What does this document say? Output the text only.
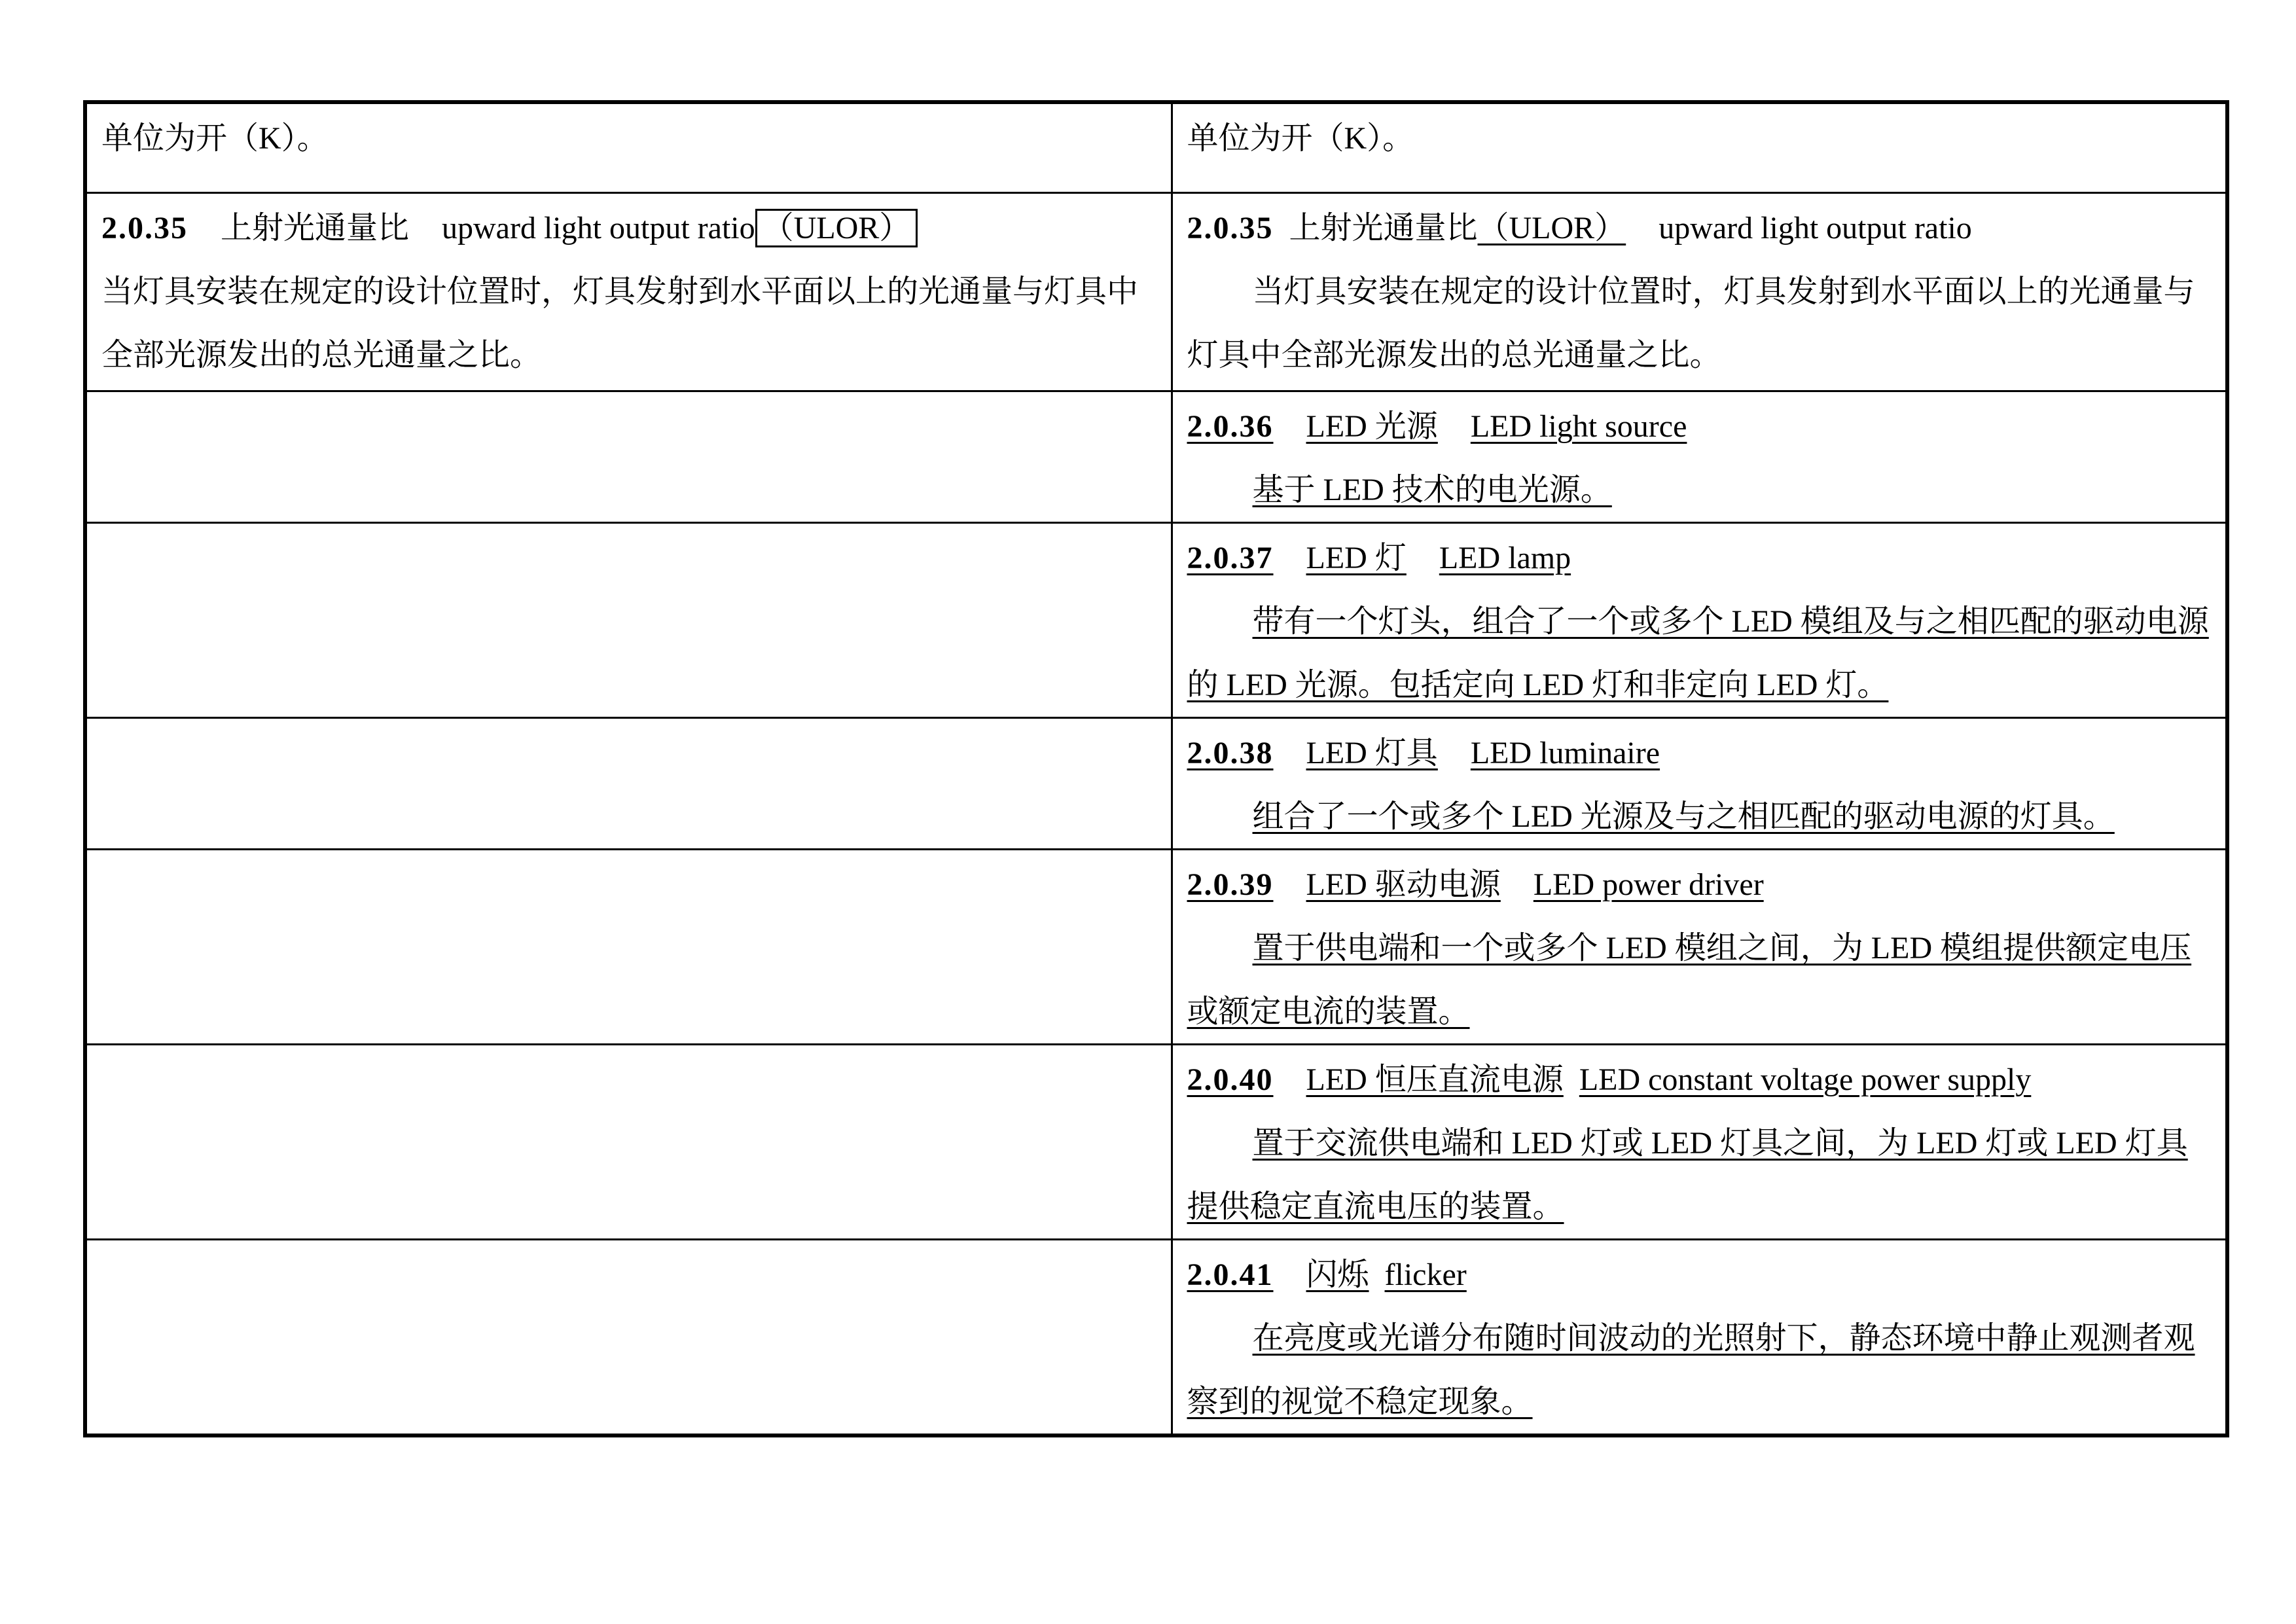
单位为开（K）。	单位为开（K）。

2.0.35 上射光通量比 upward light output ratio （ULOR）
当灯具安装在规定的设计位置时，灯具发射到水平面以上的光通量与灯具中全部光源发出的总光通量之比。	2.0.35 上射光通量比（ULOR） upward light output ratio
当灯具安装在规定的设计位置时，灯具发射到水平面以上的光通量与灯具中全部光源发出的总光通量之比。

	2.0.36 LED 光源 LED light source
基于 LED 技术的电光源。

	2.0.37 LED 灯 LED lamp
带有一个灯头，组合了一个或多个 LED 模组及与之相匹配的驱动电源的 LED 光源。包括定向 LED 灯和非定向 LED 灯。

	2.0.38 LED 灯具 LED luminaire
组合了一个或多个 LED 光源及与之相匹配的驱动电源的灯具。

	2.0.39 LED 驱动电源 LED power driver
置于供电端和一个或多个 LED 模组之间，为 LED 模组提供额定电压或额定电流的装置。

	2.0.40 LED 恒压直流电源 LED constant voltage power supply
置于交流供电端和 LED 灯或 LED 灯具之间，为 LED 灯或 LED 灯具提供稳定直流电压的装置。

	2.0.41 闪烁 flicker
在亮度或光谱分布随时间波动的光照射下，静态环境中静止观测者观察到的视觉不稳定现象。
